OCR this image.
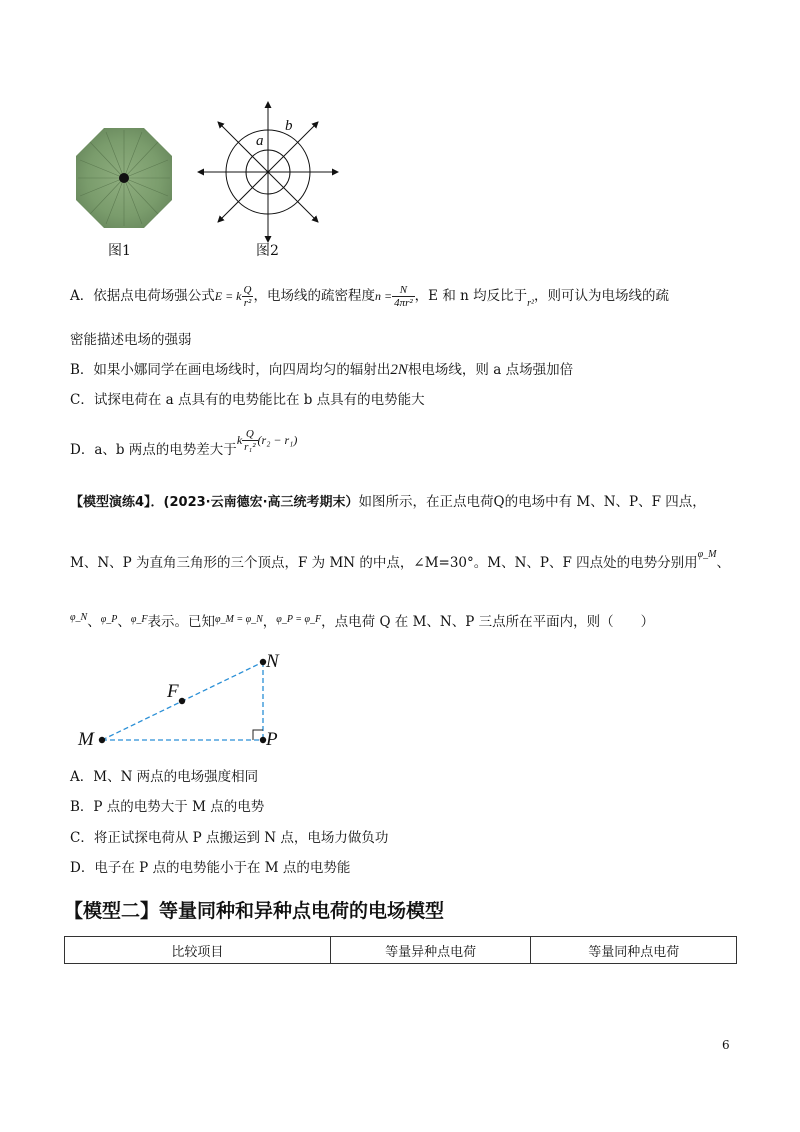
图1
a
b
图2
A．依据点电荷场强公式E = k $\frac{Q}{\text{r²}}$ ，电场线的疏密程度$n = \frac{N}{\text{4πr²}}$ ，E 和 n 均反比于$_{r^2}$，则可认为电场线的疏
密能描述电场的强弱
B．如果小娜同学在画电场线时，向四周均匀的辐射出2N根电场线，则 a 点场强加倍
C．试探电荷在 a 点具有的电势能比在 b 点具有的电势能大
D．a、b 两点的电势差大于k $\frac{Q}{\text{r₁²}} (r_2 - r_1)$
【模型演练4】．(2023·云南德宏·高三统考期末）如图所示，在正点电荷Q的电场中有 M、N、P、F 四点，
M、N、P 为直角三角形的三个顶点，F 为 MN 的中点，∠M=30°。M、N、P、F 四点处的电势分别用$^{\varphi\_M}$、
$^{\varphi\_N}$、$^{\varphi\_P}$、$^{\varphi\_F}$表示。已知$^{\varphi\_M = \varphi\_N}$，$^{\varphi\_P = \varphi\_F}$，点电荷 Q 在 M、N、P 三点所在平面内，则（　　）
M
N
P
F
A．M、N 两点的电场强度相同
B．P 点的电势大于 M 点的电势
C．将正试探电荷从 P 点搬运到 N 点，电场力做负功
D．电子在 P 点的电势能小于在 M 点的电势能
【模型二】等量同种和异种点电荷的电场模型
比较项目	等量异种点电荷	等量同种点电荷
6
